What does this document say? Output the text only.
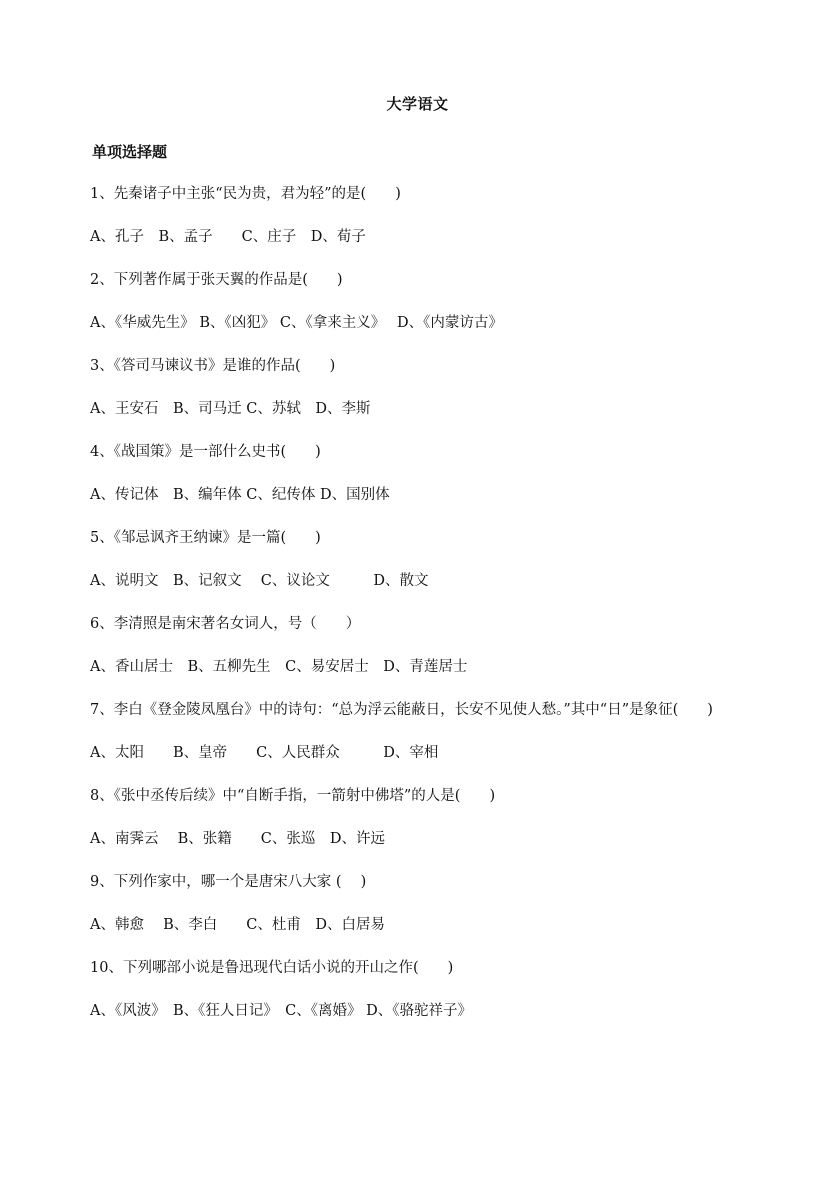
大学语文
单项选择题
1、先秦诸子中主张“民为贵，君为轻”的是(　　)
A、孔子　B、孟子　　C、庄子　D、荀子
2、下列著作属于张天翼的作品是(　　)
A、《华威先生》 B、《凶犯》 C、《拿来主义》　 D、《内蒙访古》
3、《答司马谏议书》是谁的作品(　　)
A、王安石　B、司马迁 C、苏轼　D、李斯
4、《战国策》是一部什么史书(　　)
A、传记体　B、编年体 C、纪传体 D、国别体
5、《邹忌讽齐王纳谏》是一篇(　　)
A、说明文　B、记叙文　 C、议论文　　　D、散文
6、李清照是南宋著名女词人，号（　　）
A、香山居士　B、五柳先生　C、易安居士　D、青莲居士
7、李白《登金陵凤凰台》中的诗句：“总为浮云能蔽日，长安不见使人愁。”其中“日”是象征(　　)
A、太阳　　B、皇帝　　C、人民群众　　　D、宰相
8、《张中丞传后续》中“自断手指，一箭射中佛塔”的人是(　　)
A、南霁云　 B、张籍　　C、张巡　D、许远
9、下列作家中，哪一个是唐宋八大家 (　 )
A、韩愈　 B、李白　　C、杜甫　D、白居易
10、下列哪部小说是鲁迅现代白话小说的开山之作(　　)
A、《风波》　B、《狂人日记》　C、《离婚》 D、《骆驼祥子》
